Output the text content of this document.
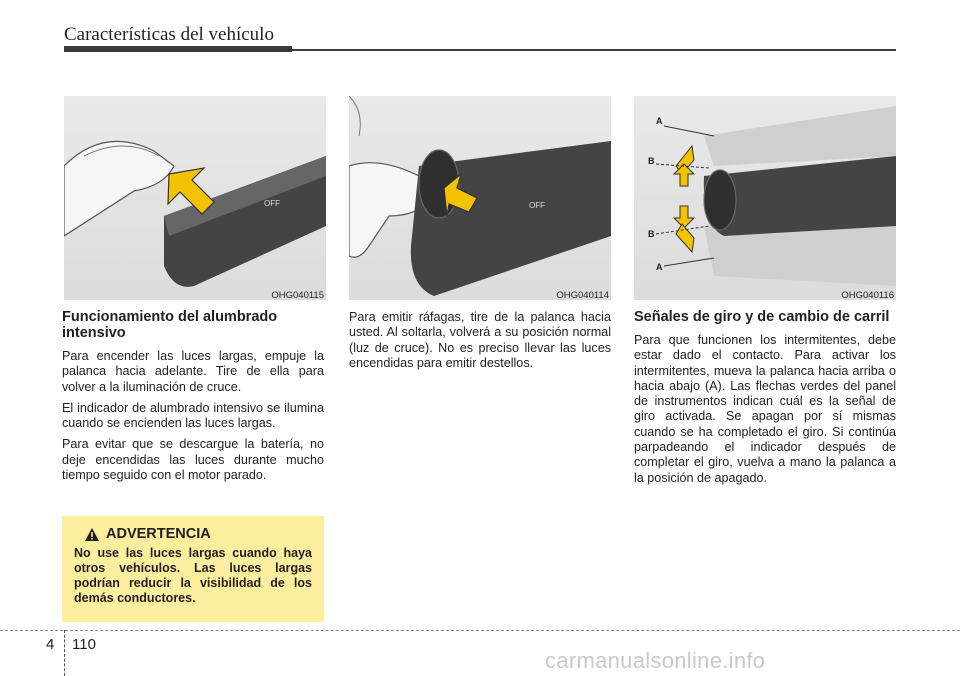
Características del vehículo
OFF
OHG040115
OFF
OHG040114
A
B
B
A
OHG040116
Funcionamiento del alumbrado intensivo

Para encender las luces largas, empuje la palanca hacia adelante. Tire de ella para volver a la iluminación de cruce.

El indicador de alumbrado intensivo se ilumina cuando se encienden las luces largas.

Para evitar que se descargue la batería, no deje encendidas las luces durante mucho tiempo seguido con el motor parado.

ADVERTENCIA
No use las luces largas cuando haya otros vehículos. Las luces largas podrían reducir la visibilidad de los demás conductores.

Para emitir ráfagas, tire de la palanca hacia usted. Al soltarla, volverá a su posición normal (luz de cruce). No es preciso llevar las luces encendidas para emitir destellos.

Señales de giro y de cambio de carril

Para que funcionen los intermitentes, debe estar dado el contacto. Para activar los intermitentes, mueva la palanca hacia arriba o hacia abajo (A). Las flechas verdes del panel de instrumentos indican cuál es la señal de giro activada. Se apagan por sí mismas cuando se ha completado el giro. Si continúa parpadeando el indicador después de completar el giro, vuelva a mano la palanca a la posición de apagado.

4 110
carmanualsonline.info
